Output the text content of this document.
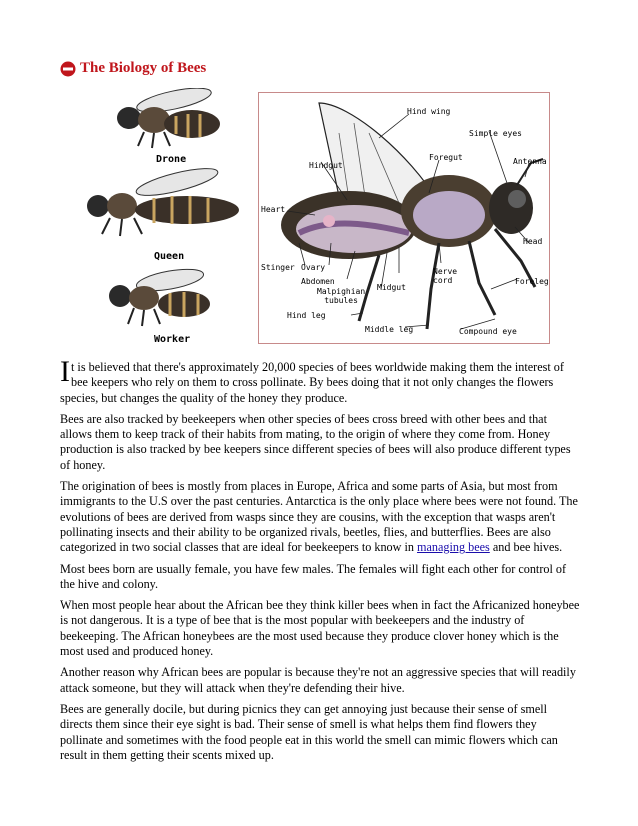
The Biology of Bees
Drone
Queen
Worker
Hind wing
Simple eyes
Foregut	Antenna
Hindgut
Heart
Head
Stinger Ovary	Nerve
cord	Foreleg
Abdomen
Malpighian
tubules
Midgut
Hind leg
Middle leg	Compound eye

It is believed that there's approximately 20,000 species of bees worldwide making them the interest of bee keepers who rely on them to cross pollinate. By bees doing that it not only changes the flowers species, but changes the quality of the honey they produce.

Bees are also tracked by beekeepers when other species of bees cross breed with other bees and that allows them to keep track of their habits from mating, to the origin of where they come from. Honey production is also tracked by bee keepers since different species of bees will also produce different types of honey.

The origination of bees is mostly from places in Europe, Africa and some parts of Asia, but most from immigrants to the U.S over the past centuries. Antarctica is the only place where bees were not found. The evolutions of bees are derived from wasps since they are cousins, with the exception that wasps aren't pollinating insects and their ability to be organized rivals, beetles, flies, and butterflies. Bees are also categorized in two social classes that are ideal for beekeepers to know in managing bees and bee hives.

Most bees born are usually female, you have few males. The females will fight each other for control of the hive and colony.

When most people hear about the African bee they think killer bees when in fact the Africanized honeybee is not dangerous. It is a type of bee that is the most popular with beekeepers and the industry of beekeeping. The African honeybees are the most used because they produce clover honey which is the most used and produced honey.

Another reason why African bees are popular is because they're not an aggressive species that will readily attack someone, but they will attack when they're defending their hive.

Bees are generally docile, but during picnics they can get annoying just because their sense of smell directs them since their eye sight is bad. Their sense of smell is what helps them find flowers they pollinate and sometimes with the food people eat in this world the smell can mimic flowers which can result in them getting their scents mixed up.
